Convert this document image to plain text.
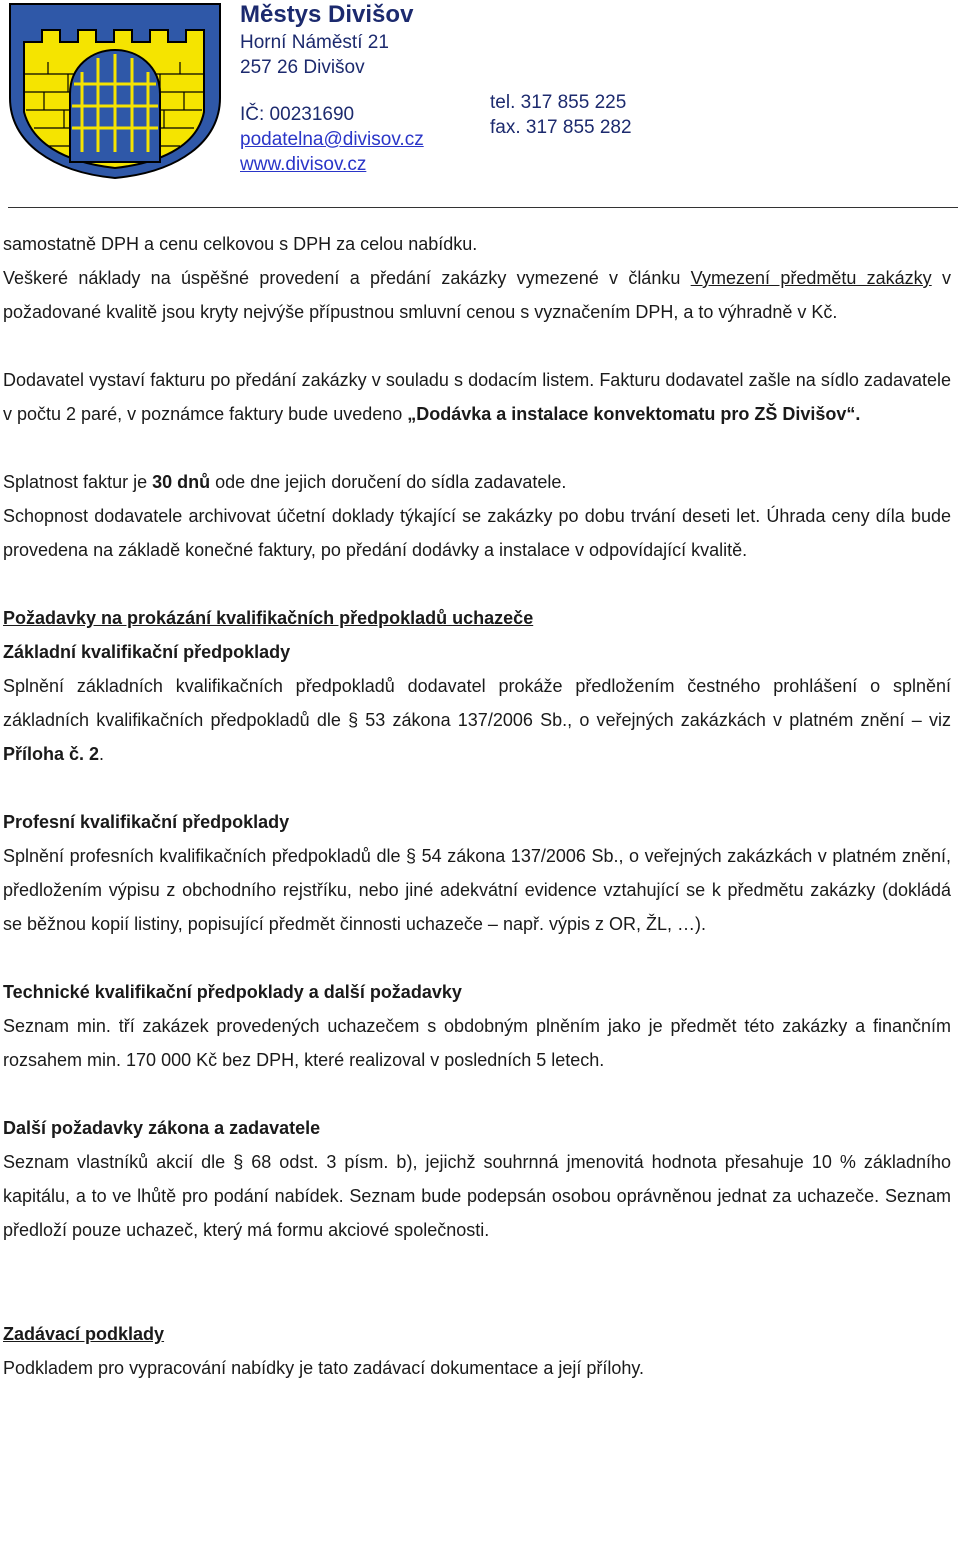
Městys Divišov
Horní Náměstí 21
257 26 Divišov
IČ: 00231690
podatelna@divisov.cz
www.divisov.cz
tel. 317 855 225
fax. 317 855 282

samostatně DPH a cenu celkovou s DPH za celou nabídku.

Veškeré náklady na úspěšné provedení a předání zakázky vymezené v článku Vymezení předmětu zakázky v požadované kvalitě jsou kryty nejvýše přípustnou smluvní cenou s vyznačením DPH, a to výhradně v Kč.

Dodavatel vystaví fakturu po předání zakázky v souladu s dodacím listem. Fakturu dodavatel zašle na sídlo zadavatele v počtu 2 paré, v poznámce faktury bude uvedeno „Dodávka a instalace konvektomatu pro ZŠ Divišov“.

Splatnost faktur je 30 dnů ode dne jejich doručení do sídla zadavatele.

Schopnost dodavatele archivovat účetní doklady týkající se zakázky po dobu trvání deseti let. Úhrada ceny díla bude provedena na základě konečné faktury, po předání dodávky a instalace v odpovídající kvalitě.

Požadavky na prokázání kvalifikačních předpokladů uchazeče

Základní kvalifikační předpoklady

Splnění základních kvalifikačních předpokladů dodavatel prokáže předložením čestného prohlášení o splnění základních kvalifikačních předpokladů dle § 53 zákona 137/2006 Sb., o veřejných zakázkách v platném znění – viz Příloha č. 2.

Profesní kvalifikační předpoklady

Splnění profesních kvalifikačních předpokladů dle § 54 zákona 137/2006 Sb., o veřejných zakázkách v platném znění, předložením výpisu z obchodního rejstříku, nebo jiné adekvátní evidence vztahující se k předmětu zakázky (dokládá se běžnou kopií listiny, popisující předmět činnosti uchazeče – např. výpis z OR, ŽL, …).

Technické kvalifikační předpoklady a další požadavky

Seznam min. tří zakázek provedených uchazečem s obdobným plněním jako je předmět této zakázky a finančním rozsahem min. 170 000 Kč bez DPH, které realizoval v posledních 5 letech.

Další požadavky zákona a zadavatele

Seznam vlastníků akcií dle § 68 odst. 3 písm. b), jejichž souhrnná jmenovitá hodnota přesahuje 10 % základního kapitálu, a to ve lhůtě pro podání nabídek. Seznam bude podepsán osobou oprávněnou jednat za uchazeče. Seznam předloží pouze uchazeč, který má formu akciové společnosti.

Zadávací podklady

Podkladem pro vypracování nabídky je tato zadávací dokumentace a její přílohy.
